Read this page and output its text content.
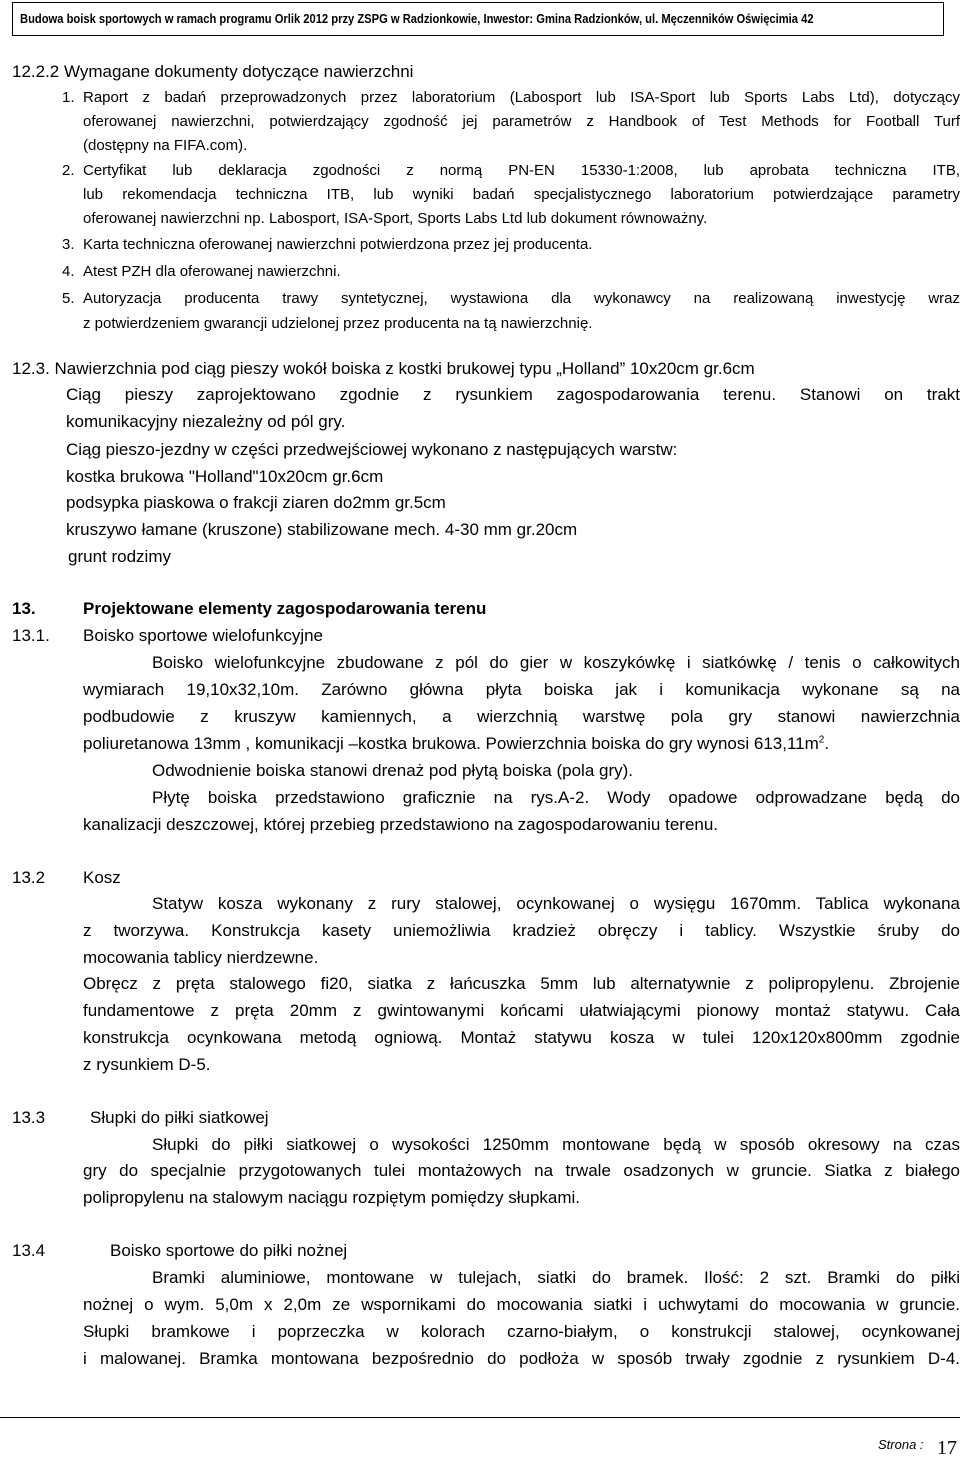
Budowa boisk sportowych w ramach programu Orlik 2012 przy ZSPG w Radzionkowie, Inwestor: Gmina Radzionków, ul. Męczenników Oświęcimia 42
12.2.2 Wymagane dokumenty dotyczące nawierzchni
1. Raport z badań przeprowadzonych przez laboratorium (Labosport lub ISA-Sport lub Sports Labs Ltd), dotyczący
oferowanej nawierzchni, potwierdzający zgodność jej parametrów z Handbook of Test Methods for Football Turf
(dostępny na FIFA.com).
2. Certyfikat lub deklaracja zgodności z normą PN-EN 15330-1:2008, lub aprobata techniczna ITB,
lub rekomendacja techniczna ITB, lub wyniki badań specjalistycznego laboratorium potwierdzające parametry
oferowanej nawierzchni np. Labosport, ISA-Sport, Sports Labs Ltd lub dokument równoważny.
3. Karta techniczna oferowanej nawierzchni potwierdzona przez jej producenta.
4. Atest PZH dla oferowanej nawierzchni.
5. Autoryzacja producenta trawy syntetycznej, wystawiona dla wykonawcy na realizowaną inwestycję wraz
z potwierdzeniem gwarancji udzielonej przez producenta na tą nawierzchnię.
12.3. Nawierzchnia pod ciąg pieszy wokół boiska z kostki brukowej typu „Holland” 10x20cm gr.6cm
Ciąg pieszy zaprojektowano zgodnie z rysunkiem zagospodarowania terenu. Stanowi on trakt
komunikacyjny niezależny od pól gry.
Ciąg pieszo-jezdny w części przedwejściowej wykonano z następujących warstw:
kostka brukowa "Holland"10x20cm gr.6cm
podsypka piaskowa o frakcji ziaren do2mm gr.5cm
kruszywo łamane (kruszone) stabilizowane mech. 4-30 mm gr.20cm
grunt rodzimy
13.	Projektowane elementy zagospodarowania terenu
13.1. Boisko sportowe wielofunkcyjne
Boisko wielofunkcyjne zbudowane z pól do gier w koszykówkę i siatkówkę / tenis o całkowitych
wymiarach 19,10x32,10m. Zarówno główna płyta boiska jak i komunikacja wykonane są na
podbudowie z kruszyw kamiennych, a wierzchnią warstwę pola gry stanowi nawierzchnia
poliuretanowa 13mm , komunikacji –kostka brukowa. Powierzchnia boiska do gry wynosi $613,11m^2$.
Odwodnienie boiska stanowi drenaż pod płytą boiska (pola gry).
Płytę boiska przedstawiono graficznie na rys.A-2. Wody opadowe odprowadzane będą do
kanalizacji deszczowej, której przebieg przedstawiono na zagospodarowaniu terenu.
13.2 Kosz
Statyw kosza wykonany z rury stalowej, ocynkowanej o wysięgu 1670mm. Tablica wykonana
z tworzywa. Konstrukcja kasety uniemożliwia kradzież obręczy i tablicy. Wszystkie śruby do
mocowania tablicy nierdzewne.
Obręcz z pręta stalowego fi20, siatka z łańcuszka 5mm lub alternatywnie z polipropylenu. Zbrojenie
fundamentowe z pręta 20mm z gwintowanymi końcami ułatwiającymi pionowy montaż statywu. Cała
konstrukcja ocynkowana metodą ogniową. Montaż statywu kosza w tulei 120x120x800mm zgodnie
z rysunkiem D-5.
13.3	Słupki do piłki siatkowej
Słupki do piłki siatkowej o wysokości 1250mm montowane będą w sposób okresowy na czas
gry do specjalnie przygotowanych tulei montażowych na trwale osadzonych w gruncie. Siatka z białego
polipropylenu na stalowym naciągu rozpiętym pomiędzy słupkami.
13.4	Boisko sportowe do piłki nożnej
Bramki aluminiowe, montowane w tulejach, siatki do bramek. Ilość: 2 szt. Bramki do piłki
nożnej o wym. 5,0m x 2,0m ze wspornikami do mocowania siatki i uchwytami do mocowania w gruncie.
Słupki bramkowe i poprzeczka w kolorach czarno-białym, o konstrukcji stalowej, ocynkowanej
i malowanej. Bramka montowana bezpośrednio do podłoża w sposób trwały zgodnie z rysunkiem D-4.
Strona : 17
